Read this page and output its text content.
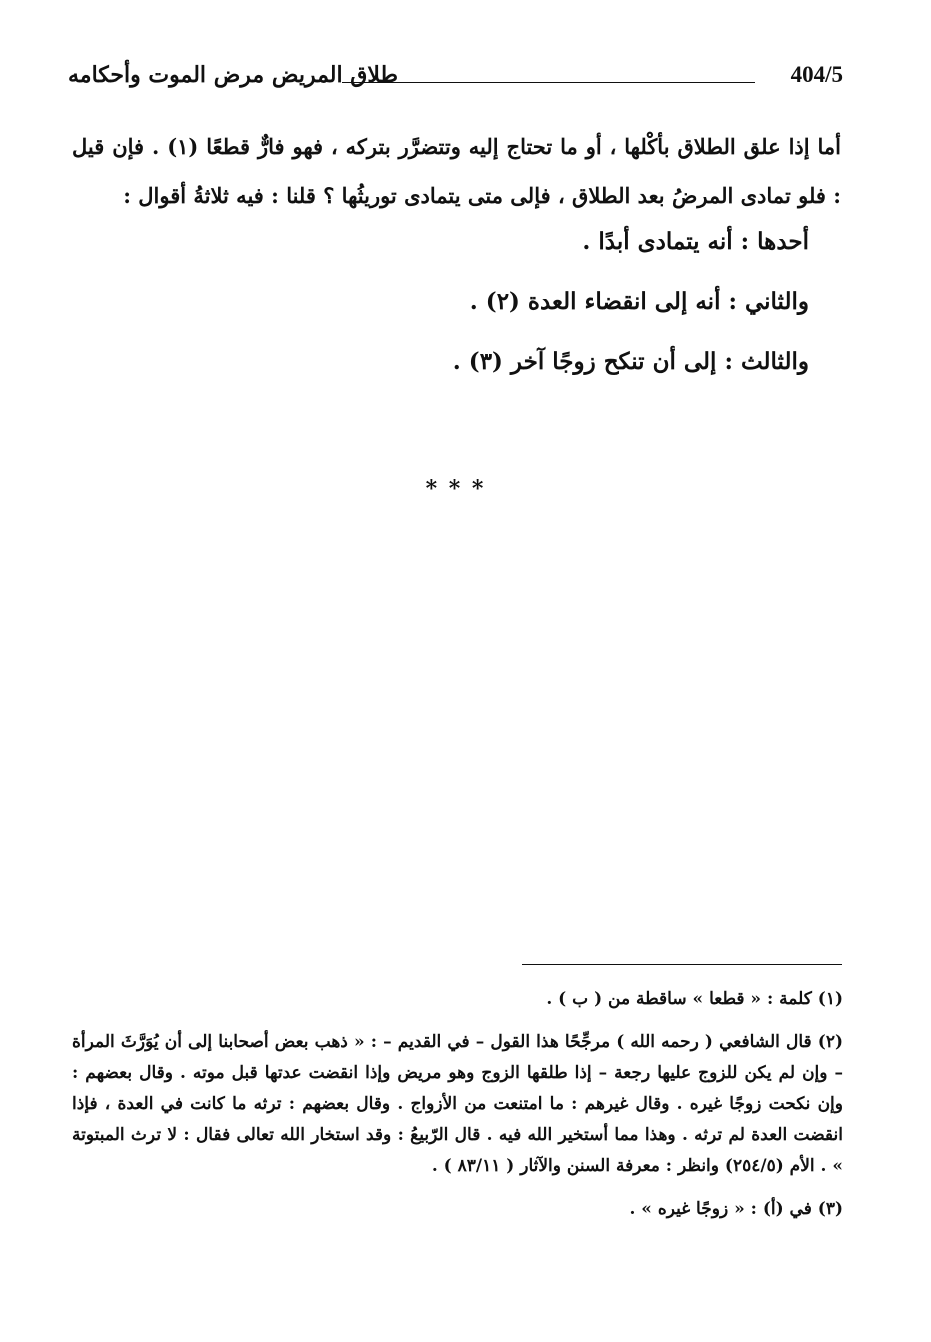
404/5
طلاق المريض مرض الموت وأحكامه

أما إذا علق الطلاق بأكْلها ، أو ما تحتاج إليه وتتضرَّر بتركه ، فهو فارٌّ قطعًا (١) . فإن قيل : فلو تمادى المرضُ بعد الطلاق ، فإلى متى يتمادى توريثُها ؟ قلنا : فيه ثلاثةُ أقوال :

أحدها : أنه يتمادى أبدًا .
والثاني : أنه إلى انقضاء العدة (٢) .
والثالث : إلى أن تنكح زوجًا آخر (٣) .
* * *

(١) كلمة : « قطعا » ساقطة من ( ب ) .

(٢) قال الشافعي ( رحمه الله ) مرجِّحًا هذا القول – في القديم – : « ذهب بعض أصحابنا إلى أن يُوَرَّثَ المرأة – وإن لم يكن للزوج عليها رجعة – إذا طلقها الزوج وهو مريض وإذا انقضت عدتها قبل موته . وقال بعضهم : وإن نكحت زوجًا غيره . وقال غيرهم : ما امتنعت من الأزواج . وقال بعضهم : ترثه ما كانت في العدة ، فإذا انقضت العدة لم ترثه . وهذا مما أستخير الله فيه . قال الرّبيعُ : وقد استخار الله تعالى فقال : لا ترث المبتوتة » . الأم (٢٥٤/٥) وانظر : معرفة السنن والآثار ( ٨٣/١١ ) .

(٣) في (أ) : « زوجًا غيره » .
